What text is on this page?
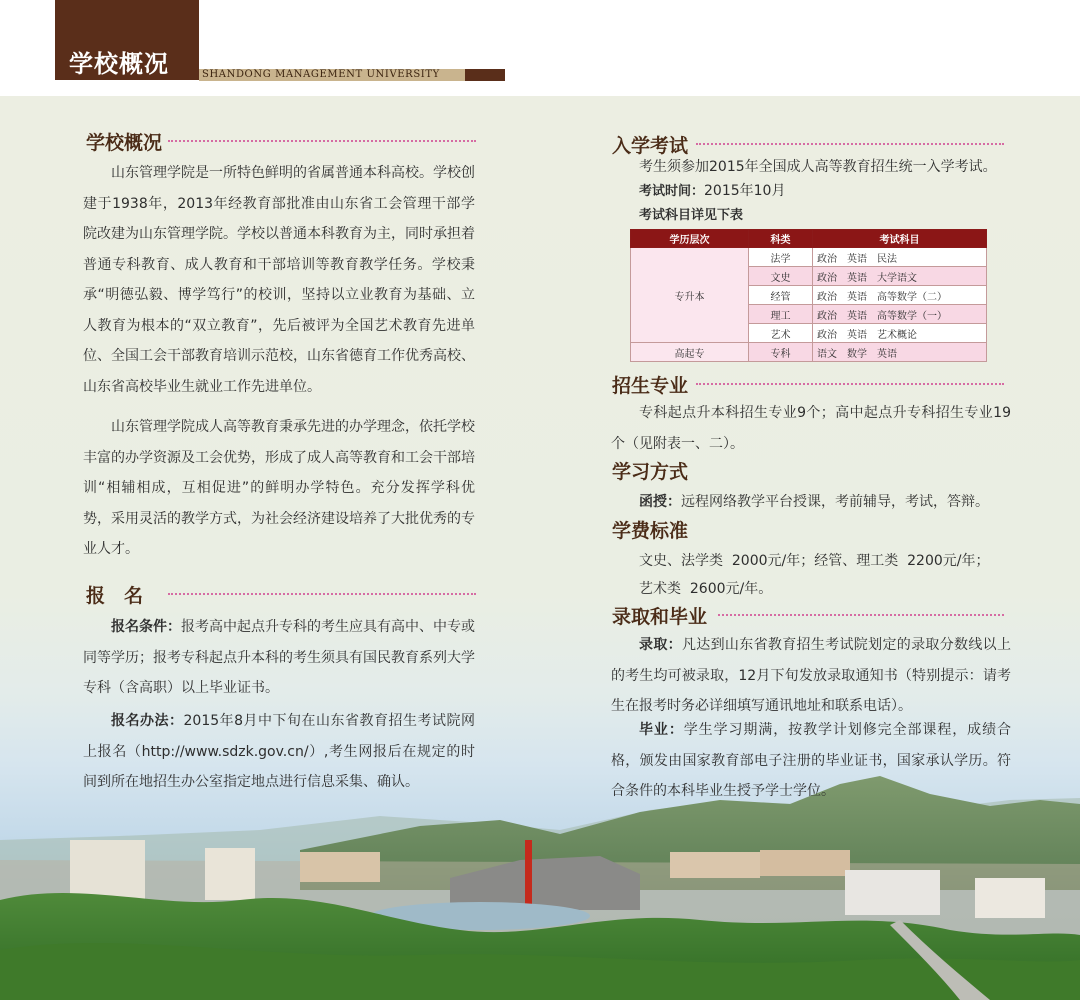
学校概况	SHANDONG MANAGEMENT UNIVERSITY
学校概况

山东管理学院是一所特色鲜明的省属普通本科高校。学校创建于1938年，2013年经教育部批准由山东省工会管理干部学院改建为山东管理学院。学校以普通本科教育为主，同时承担着普通专科教育、成人教育和干部培训等教育教学任务。学校秉承“明德弘毅、博学笃行”的校训，坚持以立业教育为基础、立人教育为根本的“双立教育”，先后被评为全国艺术教育先进单位、全国工会干部教育培训示范校，山东省德育工作优秀高校、山东省高校毕业生就业工作先进单位。

山东管理学院成人高等教育秉承先进的办学理念，依托学校丰富的办学资源及工会优势，形成了成人高等教育和工会干部培训“相辅相成，互相促进”的鲜明办学特色。充分发挥学科优势，采用灵活的教学方式，为社会经济建设培养了大批优秀的专业人才。

报　名

报名条件：报考高中起点升专科的考生应具有高中、中专或同等学历；报考专科起点升本科的考生须具有国民教育系列大学专科（含高职）以上毕业证书。

报名办法：2015年8月中下旬在山东省教育招生考试院网上报名（http://www.sdzk.gov.cn/）,考生网报后在规定的时间到所在地招生办公室指定地点进行信息采集、确认。

入学考试

考生须参加2015年全国成人高等教育招生统一入学考试。

考试时间：2015年10月

考试科目详见下表

学历层次	科类	考试科目
专升本	法学	政治　英语　民法
	文史	政治　英语　大学语文
	经管	政治　英语　高等数学（二）
	理工	政治　英语　高等数学（一）
	艺术	政治　英语　艺术概论
高起专	专科	语文　数学　英语
招生专业

专科起点升本科招生专业9个；高中起点升专科招生专业19个（见附表一、二）。

学习方式

函授：远程网络教学平台授课，考前辅导，考试，答辩。

学费标准

文史、法学类  2000元/年；经管、理工类  2200元/年；

艺术类  2600元/年。

录取和毕业

录取：凡达到山东省教育招生考试院划定的录取分数线以上的考生均可被录取，12月下旬发放录取通知书（特别提示：请考生在报考时务必详细填写通讯地址和联系电话）。

毕业：学生学习期满，按教学计划修完全部课程，成绩合格，颁发由国家教育部电子注册的毕业证书，国家承认学历。符合条件的本科毕业生授予学士学位。
